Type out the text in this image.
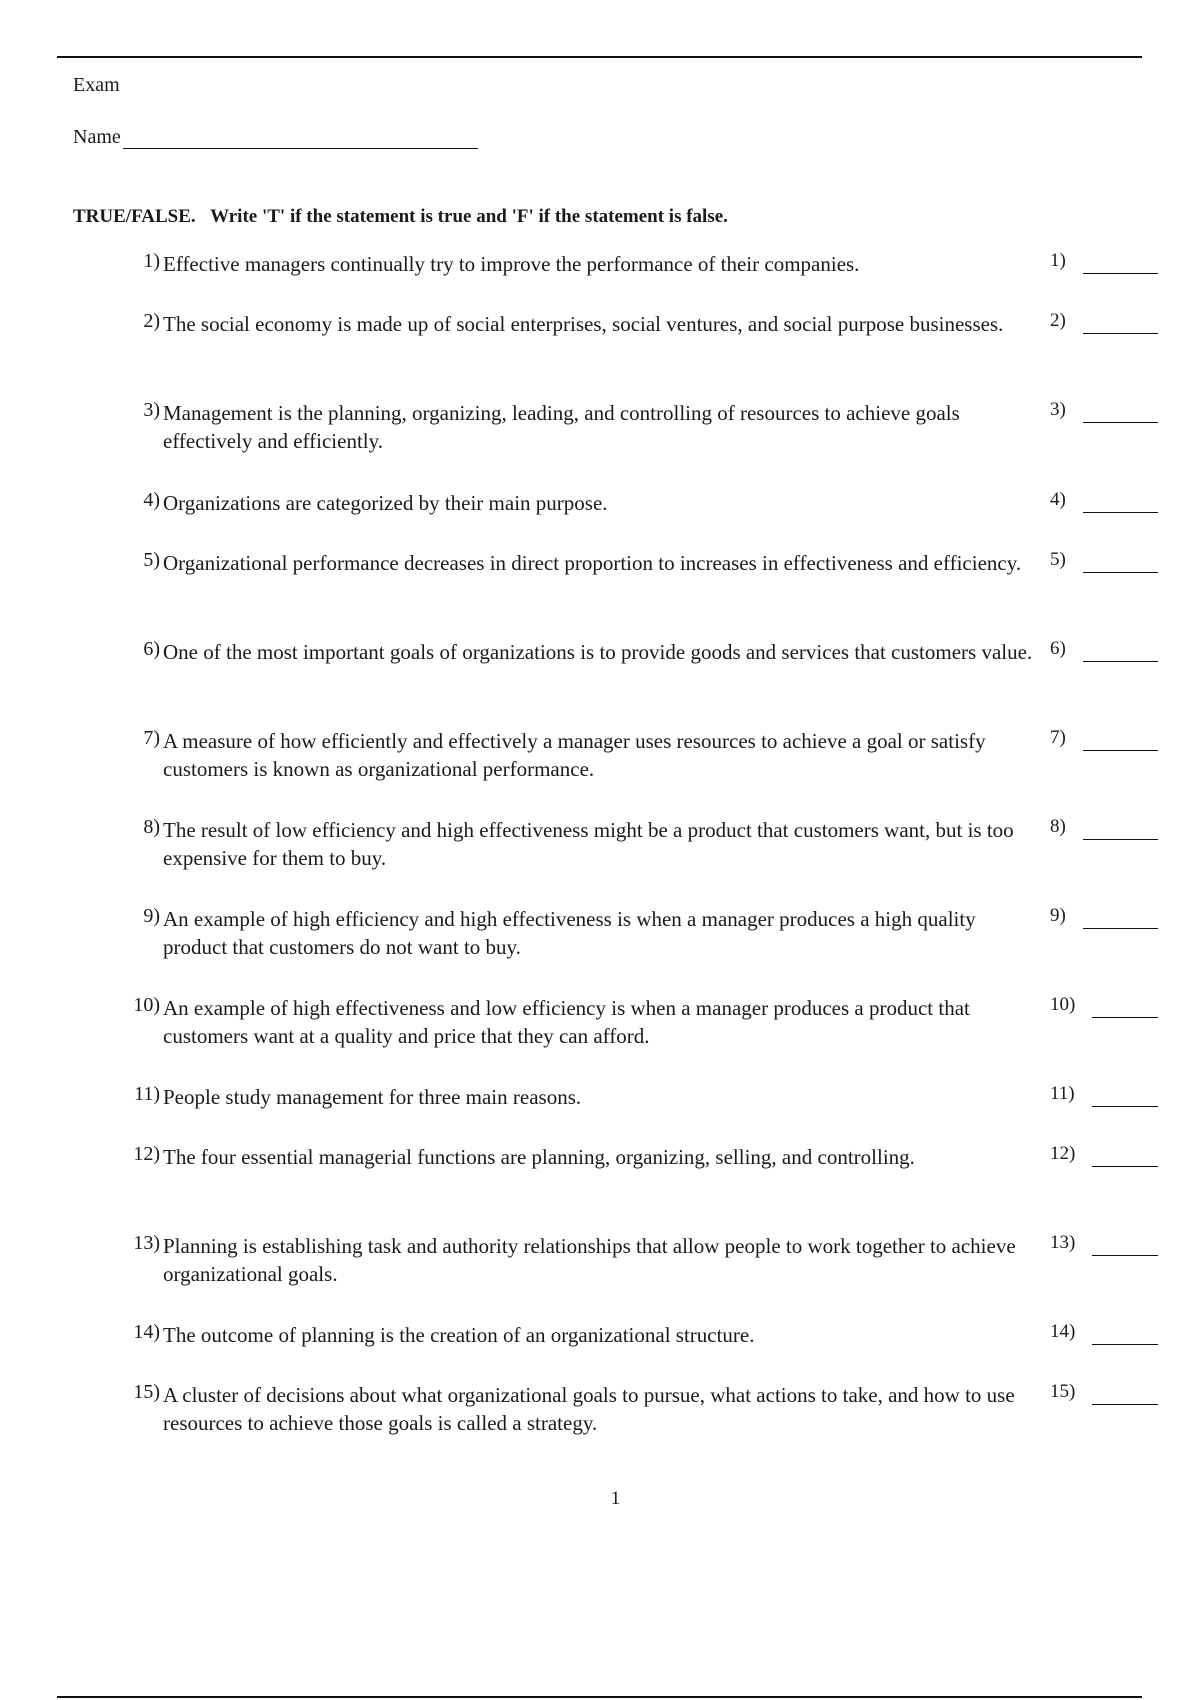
Exam
Name
TRUE/FALSE. Write 'T' if the statement is true and 'F' if the statement is false.
1) Effective managers continually try to improve the performance of their companies.	1)
2) The social economy is made up of social enterprises, social ventures, and social purpose businesses.	2)
3) Management is the planning, organizing, leading, and controlling of resources to achieve goals effectively and efficiently.
3)
4) Organizations are categorized by their main purpose.	4)
5) Organizational performance decreases in direct proportion to increases in effectiveness and efficiency.	5)
6) One of the most important goals of organizations is to provide goods and services that customers value. 6)
7) A measure of how efficiently and effectively a manager uses resources to achieve a goal or satisfy customers is known as organizational performance.
7)
8) The result of low efficiency and high effectiveness might be a product that customers want, but is too expensive for them to buy.
8)
9) An example of high efficiency and high effectiveness is when a manager produces a high quality product that customers do not want to buy.
9)
10) An example of high effectiveness and low efficiency is when a manager produces a product that customers want at a quality and price that they can afford.
10)
11) People study management for three main reasons.	11)
12) The four essential managerial functions are planning, organizing, selling, and controlling.	12)
13) Planning is establishing task and authority relationships that allow people to work together to achieve organizational goals.
13)
14) The outcome of planning is the creation of an organizational structure.	14)
15) A cluster of decisions about what organizational goals to pursue, what actions to take, and how to use resources to achieve those goals is called a strategy.
15)
1
